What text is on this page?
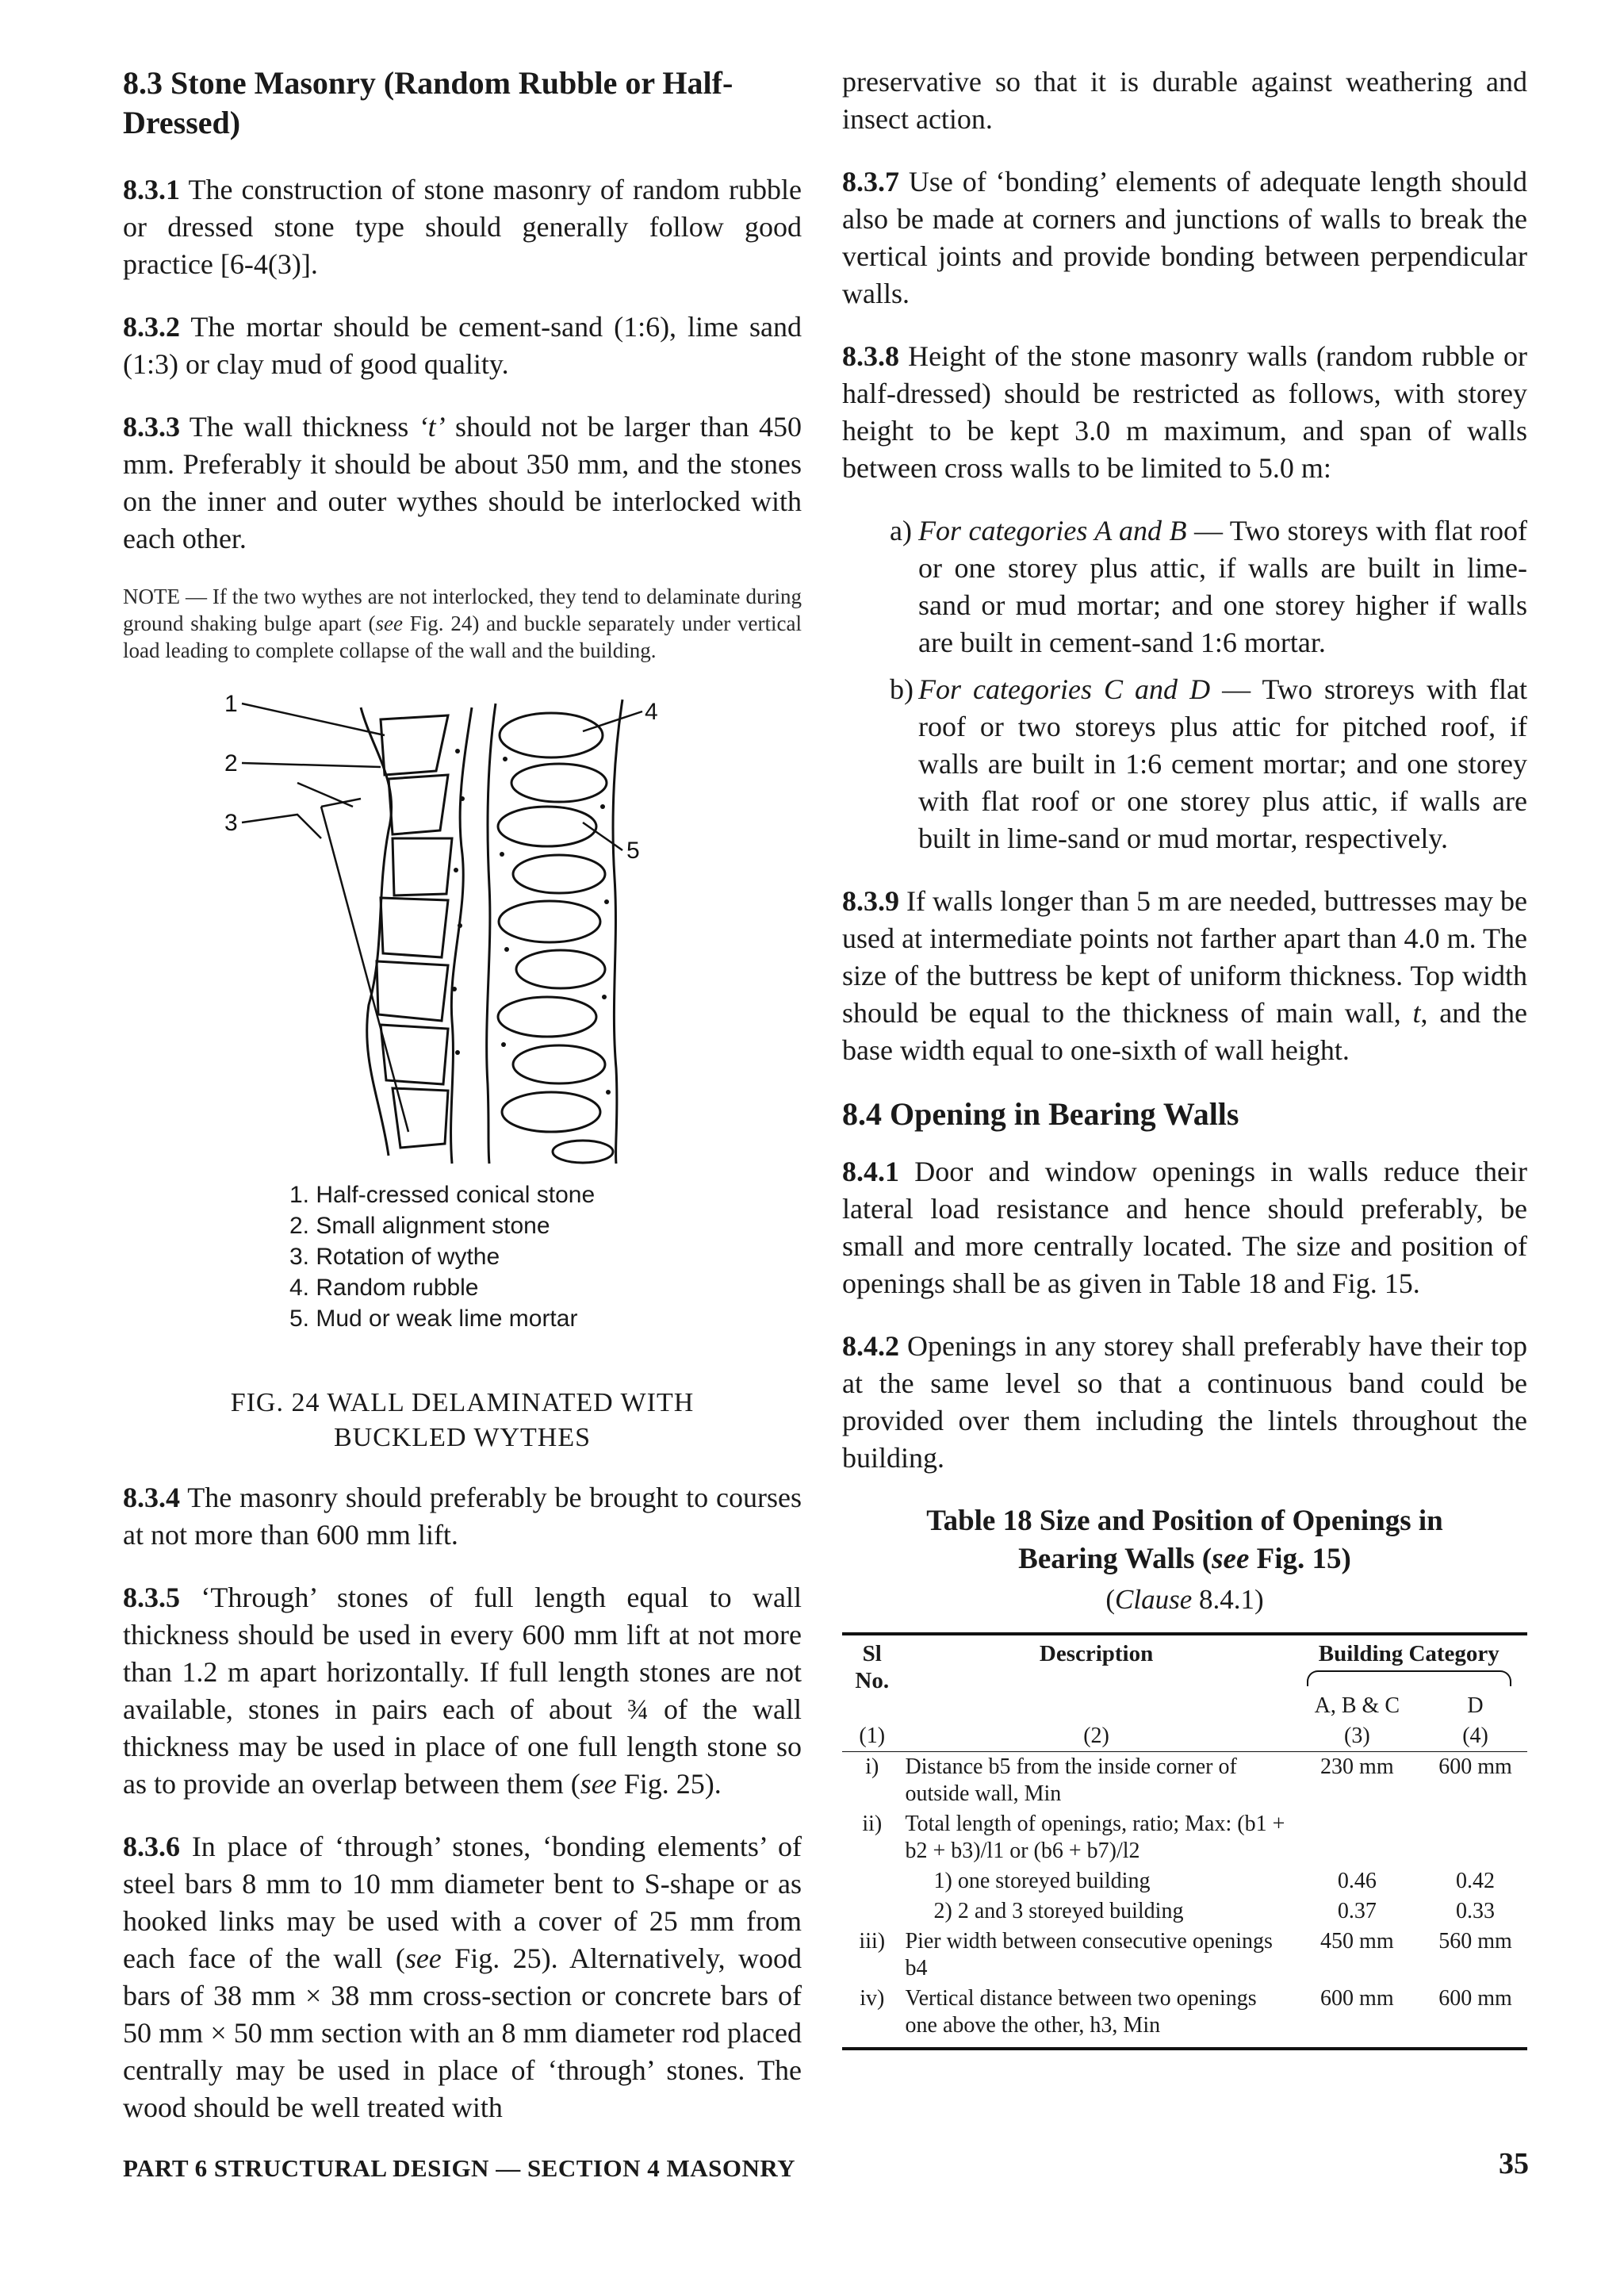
8.3 Stone Masonry (Random Rubble or Half-Dressed)

8.3.1 The construction of stone masonry of random rubble or dressed stone type should generally follow good practice [6-4(3)].

8.3.2 The mortar should be cement-sand (1:6), lime sand (1:3) or clay mud of good quality.

8.3.3 The wall thickness ‘t’ should not be larger than 450 mm. Preferably it should be about 350 mm, and the stones on the inner and outer wythes should be interlocked with each other.

NOTE — If the two wythes are not interlocked, they tend to delaminate during ground shaking bulge apart (see Fig. 24) and buckle separately under vertical load leading to complete collapse of the wall and the building.

1
2
3
4
5
1. Half-cressed conical stone
2. Small alignment stone
3. Rotation of wythe
4. Random rubble
5. Mud or weak lime mortar
FIG. 24 WALL DELAMINATED WITH
BUCKLED WYTHES

8.3.4 The masonry should preferably be brought to courses at not more than 600 mm lift.

8.3.5 ‘Through’ stones of full length equal to wall thickness should be used in every 600 mm lift at not more than 1.2 m apart horizontally. If full length stones are not available, stones in pairs each of about ¾ of the wall thickness may be used in place of one full length stone so as to provide an overlap between them (see Fig. 25).

8.3.6 In place of ‘through’ stones, ‘bonding elements’ of steel bars 8 mm to 10 mm diameter bent to S-shape or as hooked links may be used with a cover of 25 mm from each face of the wall (see Fig. 25). Alternatively, wood bars of 38 mm × 38 mm cross-section or concrete bars of 50 mm × 50 mm section with an 8 mm diameter rod placed centrally may be used in place of ‘through’ stones. The wood should be well treated with

preservative so that it is durable against weathering and insect action.

8.3.7 Use of ‘bonding’ elements of adequate length should also be made at corners and junctions of walls to break the vertical joints and provide bonding between perpendicular walls.

8.3.8 Height of the stone masonry walls (random rubble or half-dressed) should be restricted as follows, with storey height to be kept 3.0 m maximum, and span of walls between cross walls to be limited to 5.0 m:

a) For categories A and B — Two storeys with flat roof or one storey plus attic, if walls are built in lime-sand or mud mortar; and one storey higher if walls are built in cement-sand 1:6 mortar.
b) For categories C and D — Two stroreys with flat roof or two storeys plus attic for pitched roof, if walls are built in 1:6 cement mortar; and one storey with flat roof or one storey plus attic, if walls are built in lime-sand or mud mortar, respectively.

8.3.9 If walls longer than 5 m are needed, buttresses may be used at intermediate points not farther apart than 4.0 m. The size of the buttress be kept of uniform thickness. Top width should be equal to the thickness of main wall, t, and the base width equal to one-sixth of wall height.

8.4 Opening in Bearing Walls

8.4.1 Door and window openings in walls reduce their lateral load resistance and hence should preferably, be small and more centrally located. The size and position of openings shall be as given in Table 18 and Fig. 15.

8.4.2 Openings in any storey shall preferably have their top at the same level so that a continuous band could be provided over them including the lintels throughout the building.

Table 18 Size and Position of Openings in
Bearing Walls (see Fig. 15)
(Clause 8.4.1)
Sl No.	Description	Building Category	

		A, B & C	D
(1)	(2)	(3)	(4)
i)	Distance b5 from the inside corner of outside wall, Min	230 mm	600 mm
ii)	Total length of openings, ratio; Max: (b1 + b2 + b3)/l1 or (b6 + b7)/l2		
	1) one storeyed building	0.46	0.42
	2) 2 and 3 storeyed building	0.37	0.33
iii)	Pier width between consecutive openings b4	450 mm	560 mm
iv)	Vertical distance between two openings one above the other, h3, Min	600 mm	600 mm
PART 6 STRUCTURAL DESIGN — SECTION 4 MASONRY	35
